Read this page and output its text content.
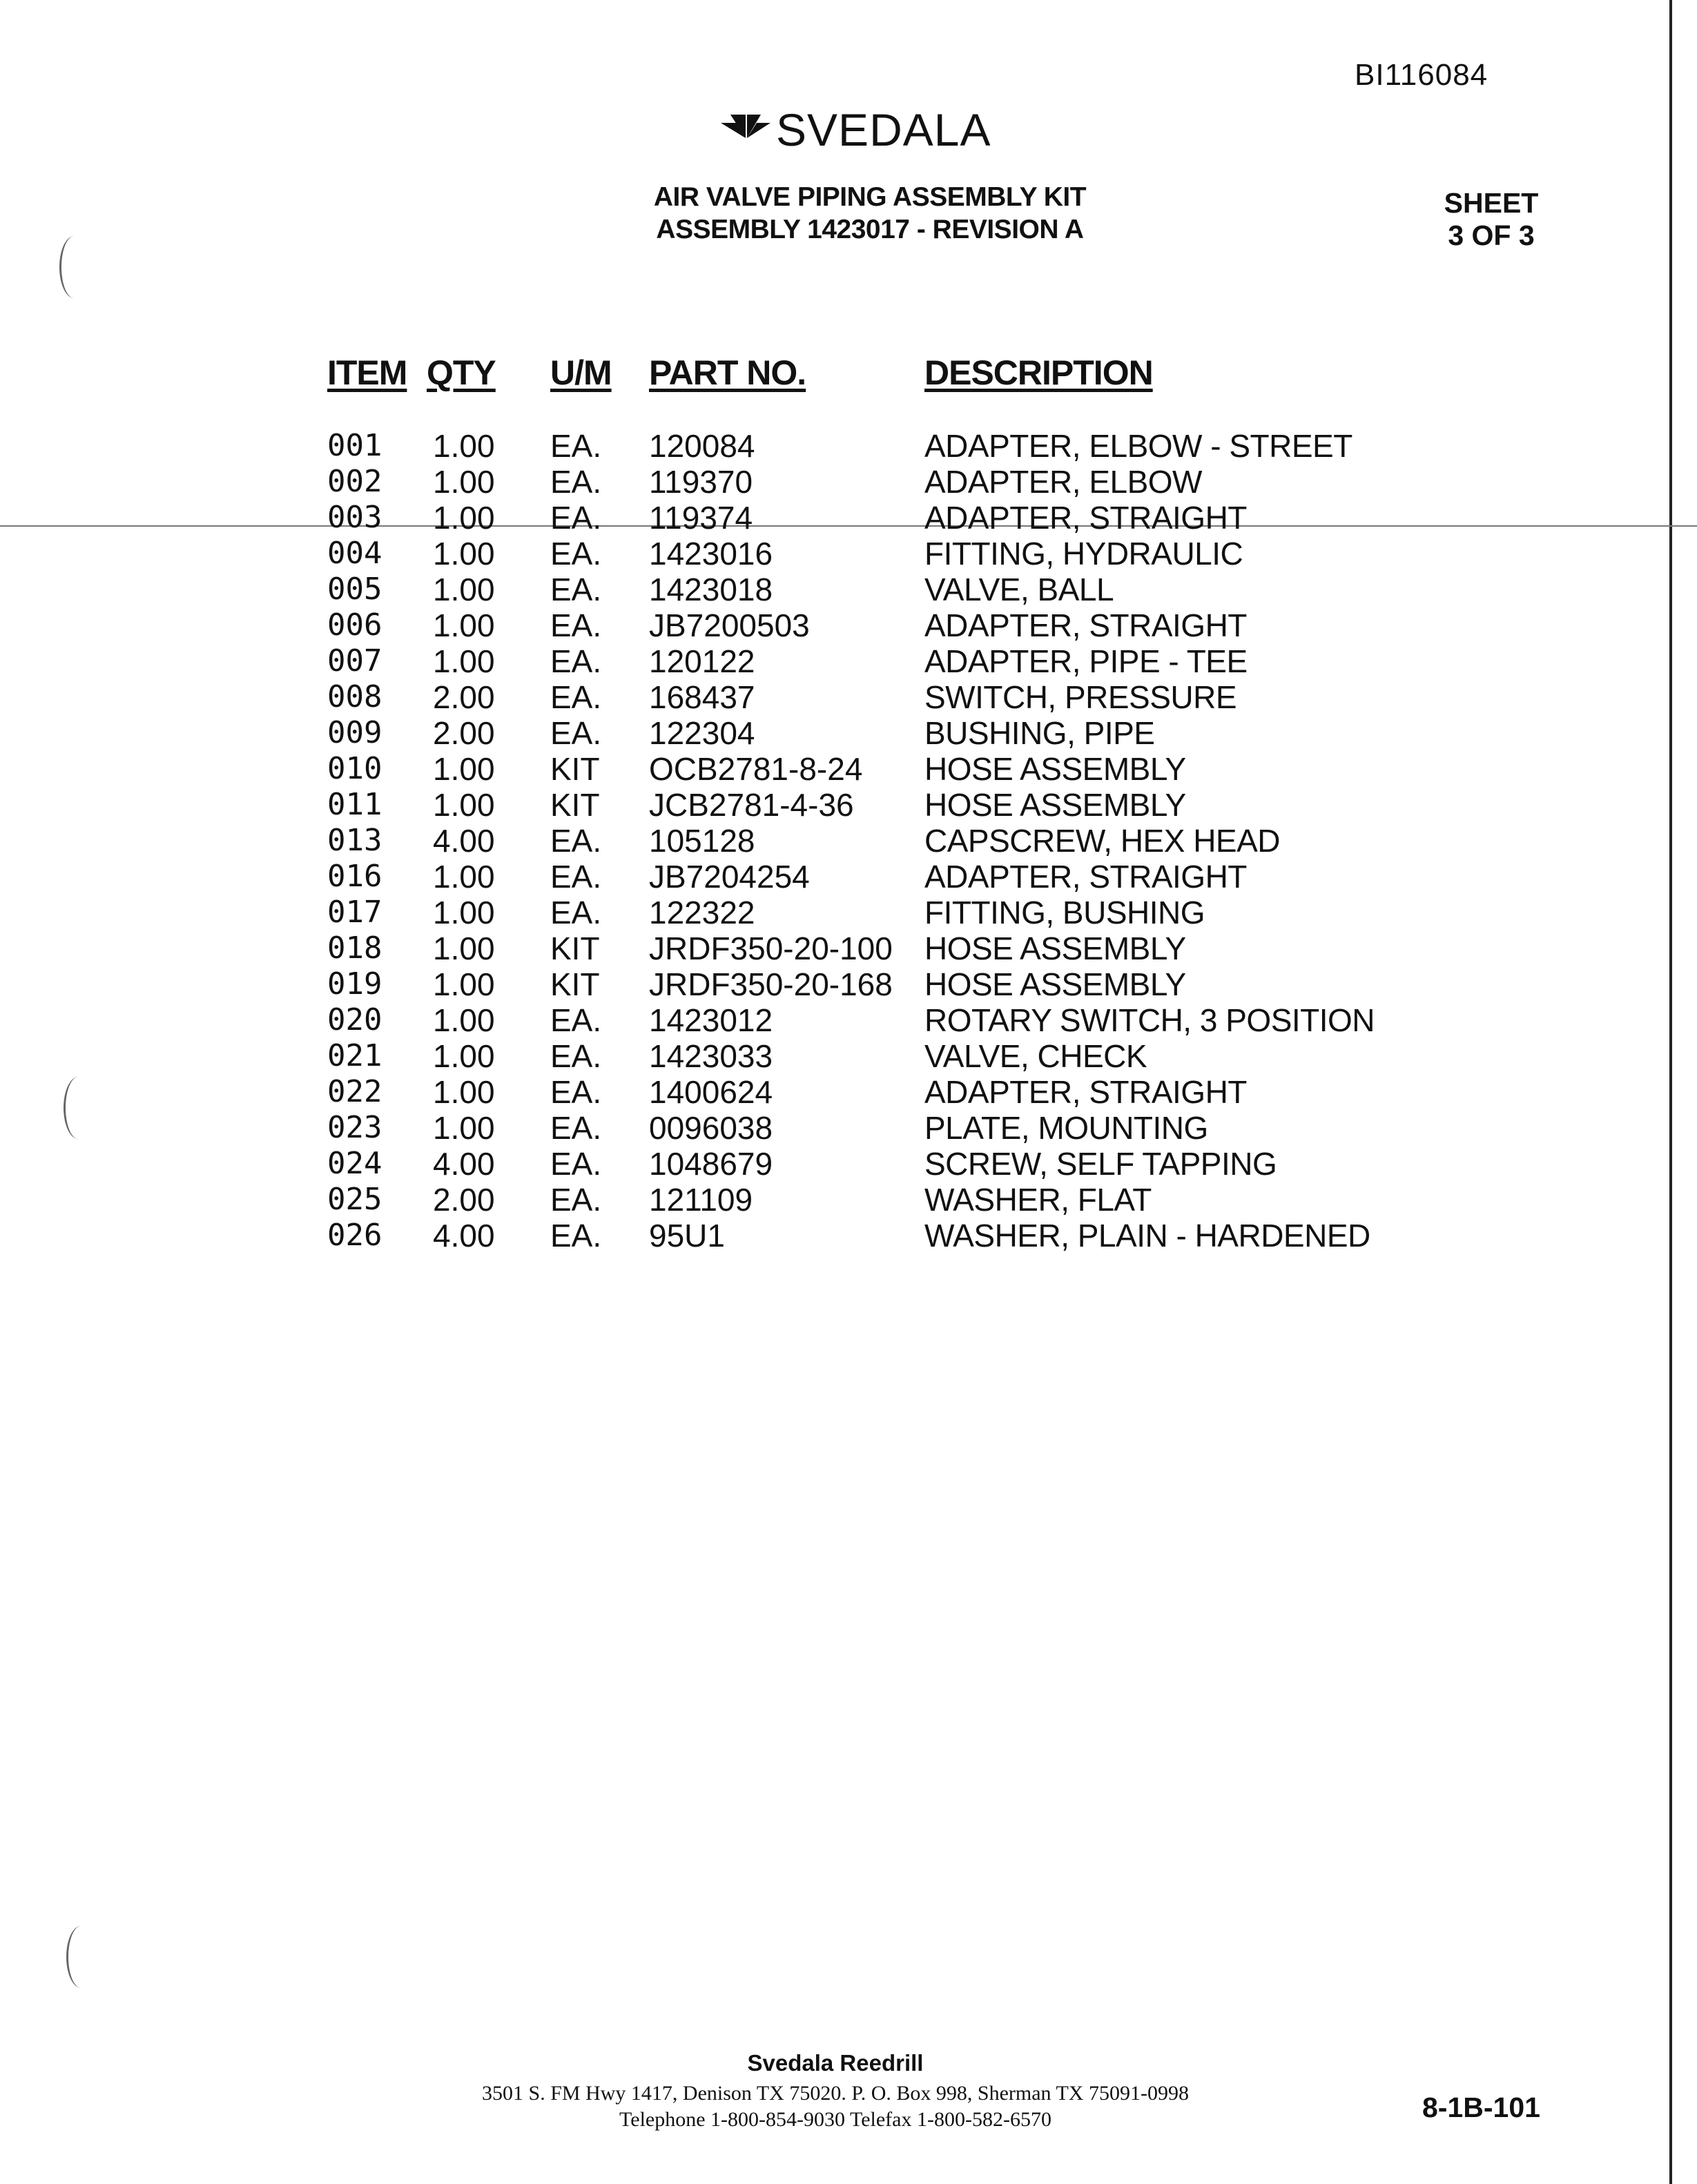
BI116084
SVEDALA
AIR VALVE PIPING ASSEMBLY KIT
ASSEMBLY 1423017 - REVISION A
SHEET
3 OF 3
ITEM QTY U/M PART NO.	DESCRIPTION
001 1.00 EA. 120084	ADAPTER, ELBOW - STREET
002 1.00 EA. 119370	ADAPTER, ELBOW
003 1.00 EA. 119374	ADAPTER, STRAIGHT
004 1.00 EA. 1423016	FITTING, HYDRAULIC
005 1.00 EA. 1423018	VALVE, BALL
006 1.00 EA. JB7200503	ADAPTER, STRAIGHT
007 1.00 EA. 120122	ADAPTER, PIPE - TEE
008 2.00 EA. 168437	SWITCH, PRESSURE
009 2.00 EA. 122304	BUSHING, PIPE
010 1.00 KIT OCB2781-8-24 HOSE ASSEMBLY
011 1.00 KIT JCB2781-4-36 HOSE ASSEMBLY
013 4.00 EA. 105128	CAPSCREW, HEX HEAD
016 1.00 EA. JB7204254	ADAPTER, STRAIGHT
017 1.00 EA. 122322	FITTING, BUSHING
018 1.00 KIT JRDF350-20-100 HOSE ASSEMBLY
019 1.00 KIT JRDF350-20-168 HOSE ASSEMBLY
020 1.00 EA. 1423012	ROTARY SWITCH, 3 POSITION
021 1.00 EA. 1423033	VALVE, CHECK
022 1.00 EA. 1400624	ADAPTER, STRAIGHT
023 1.00 EA. 0096038	PLATE, MOUNTING
024 4.00 EA. 1048679	SCREW, SELF TAPPING
025 2.00 EA. 121109	WASHER, FLAT
026 4.00 EA. 95U1	WASHER, PLAIN - HARDENED
Svedala Reedrill
3501 S. FM Hwy 1417, Denison TX 75020. P. O. Box 998, Sherman TX 75091-0998
Telephone 1-800-854-9030 Telefax 1-800-582-6570	8-1B-101
